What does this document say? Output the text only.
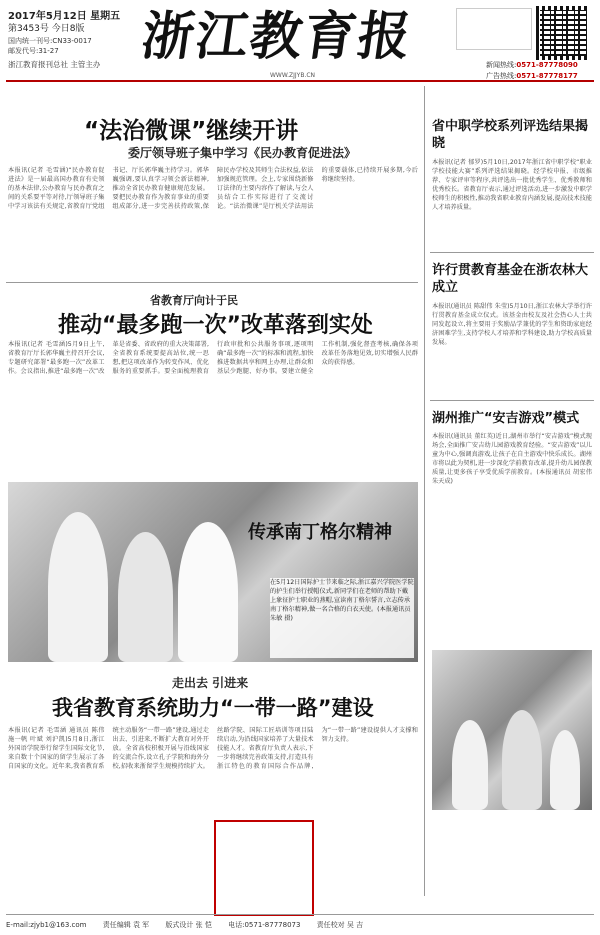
2017年5月12日 星期五
第3453号 今日8版
国内统一刊号:CN33-0017
邮发代号:31-27
浙江教育报刊总社 主管主办 浙江教育报	新闻热线:0571-87778090
广告热线:0571-87778177
WWW.ZJJYB.CN
“法治微课”继续开讲
委厅领导班子集中学习《民办教育促进法》
本报讯(记者 毛雪涵)“民办教育促进法》是一届最高国办教育有史领的基本法律,公办教育与民办教育之间的关系要平等对待,厅领导班子集中学习该法有关规定,省教育厅党组书记、厅长郭华巍主持学习。郭华巍强调,要认真学习领会新法精神,推动全省民办教育健康规范发展。要把民办教育作为教育事业的重要组成部分,进一步完善扶持政策,保障民办学校及其师生合法权益,依法加强规范管理。会上,专家围绕新修订法律的主要内容作了解读,与会人员结合工作实际进行了交流讨论。“法治微课”是厅机关学法用法的重要载体,已持续开展多期,今后将继续坚持。
省教育厅向计于民
推动“最多跑一次”改革落到实处
本报讯(记者 毛雪涵)5月9日上午,省教育厅厅长郭华巍主持召开会议,专题研究部署“最多跑一次”改革工作。会议指出,推进“最多跑一次”改革是省委、省政府的重大决策部署,全省教育系统要提高站位,统一思想,把这项改革作为转变作风、优化服务的重要抓手。要全面梳理教育行政审批和公共服务事项,逐项明确“最多跑一次”的标准和流程,加快推进数据共享和网上办理,让群众和基层少跑腿、好办事。要建立健全工作机制,强化督查考核,确保各项改革任务落地见效,切实增强人民群众的获得感。
传承南丁格尔精神
在5月12日国际护士节来临之际,浙江嘉兴学院医学院的护生们举行授帽仪式,新同学们在老师的帮助下戴上象征护士职业的燕帽,宣读南丁格尔誓言,立志传承南丁格尔精神,做一名合格的白衣天使。(本报通讯员 朱敏 摄)
走出去 引进来
我省教育系统助力“一带一路”建设
本报讯(记者 毛雪涵 通讯员 陈伟 施一帆 叶斌 刘沪凯)5月8日,浙江外国语学院举行留学生国际文化节,来自数十个国家的留学生展示了各自国家的文化。近年来,我省教育系统主动服务“一带一路”建设,通过走出去、引进来,不断扩大教育对外开放。全省高校积极开展与沿线国家的交流合作,设立孔子学院和海外分校,招收来浙留学生规模持续扩大。丝路学院、国际工匠培训等项目陆续启动,为沿线国家培养了大量技术技能人才。省教育厅负责人表示,下一步将继续完善政策支持,打造具有浙江特色的教育国际合作品牌,为“一带一路”建设提供人才支撑和智力支持。
省中职学校系列评选结果揭晓
本报讯(记者 郁罗)5月10日,2017年浙江省中职学校“职业学校技能大赛”系列评选结果揭晓。经学校申报、市级推荐、专家评审等程序,共评选出一批优秀学生、优秀教师和优秀校长。省教育厅表示,通过评选活动,进一步激发中职学校师生的积极性,推动我省职业教育内涵发展,提高技术技能人才培养质量。
许行贯教育基金在浙农林大成立
本报讯(通讯员 陈甜伟 朱莹)5月10日,浙江农林大学举行许行贯教育基金成立仪式。该基金由校友及社会热心人士共同发起设立,将主要用于奖励品学兼优的学生和资助家庭经济困难学生,支持学校人才培养和学科建设,助力学校高质量发展。
湖州推广“安吉游戏”模式
本报讯(通讯员 董红英)近日,湖州市举行“安吉游戏”模式现场会,全面推广安吉幼儿园游戏教育经验。“安吉游戏”以儿童为中心,强调真游戏,让孩子在自主游戏中快乐成长。湖州市将以此为契机,进一步深化学前教育改革,提升幼儿园保教质量,让更多孩子享受优质学前教育。(本报通讯员 胡宏伟 朱天成)
E-mail:zjyb1@163.com 责任编辑 袁 军 版式设计 张 恺 电话:0571-87778073 责任校对 吴 吉
